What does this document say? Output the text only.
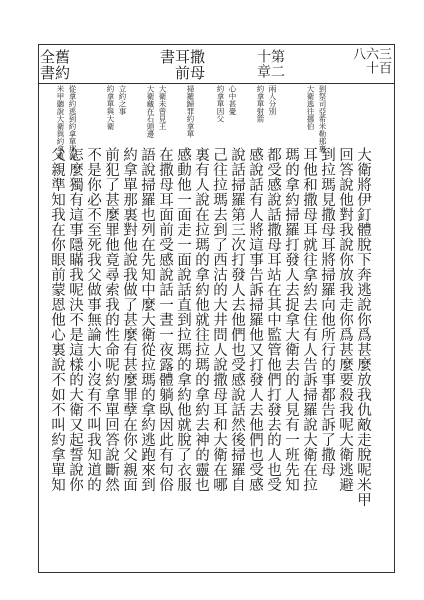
三百六十八
第二十章
撒母耳前書
舊約全書
米甲聽說大衛與約拿單 從拿約逃到約拿單那裏	約拿單與大衛 立約之事	大衛藏在石頭邊 大衛未曾見王	掃羅歸罪約拿單	約拿單因父 心中甚憂	約拿單射箭 兩人分別	大衛逃往挪伯 到祭司亞希米勒那裏
大衛將伊釘體脫下奔逃說你爲甚麼放我仇敵走脫呢米甲
回答說他對我說你放我走你爲甚麼要殺我呢大衛逃避
到拉瑪見撒母耳將掃羅向他所行的事都告訴了撒母
耳他和撒母耳就往拿約去住有人告訴掃羅說大衛在拉
瑪的拿約掃羅打發人去捉拿大衛去的人見有一班先知
都受感說話撒母耳站在其中監管他們打發去的人也受
感說話有人將這事告訴掃羅他又打發人去他們也受感
說話掃羅第三次打發人去他們也受感說話然後掃羅自
己往拉瑪去到了西沽的大井問人說撒母耳和大衛在哪
裏有人說在拉瑪的拿約他就往拉瑪的拿約去神的靈也
感動他一面走一面說話直到拉瑪的拿約他就脫了衣服
在撒母耳面前受感說話一晝一夜露體躺臥因此有句俗
語說掃羅也列在先知中麼大衛從拉瑪的拿約逃跑來到
約拿單那裏對他說我做了甚麼有甚麼罪孽在你父親面
前犯了甚麼罪他竟尋索我的性命呢約拿單回答說斷然
不是你必不至死我父做事無論大小沒有不叫我知道的
怎麼獨有這事隱瞞我呢決不是這樣的大衛又起誓說你
父親準知我在你眼前蒙恩他心裏說不如不叫約拿單知
